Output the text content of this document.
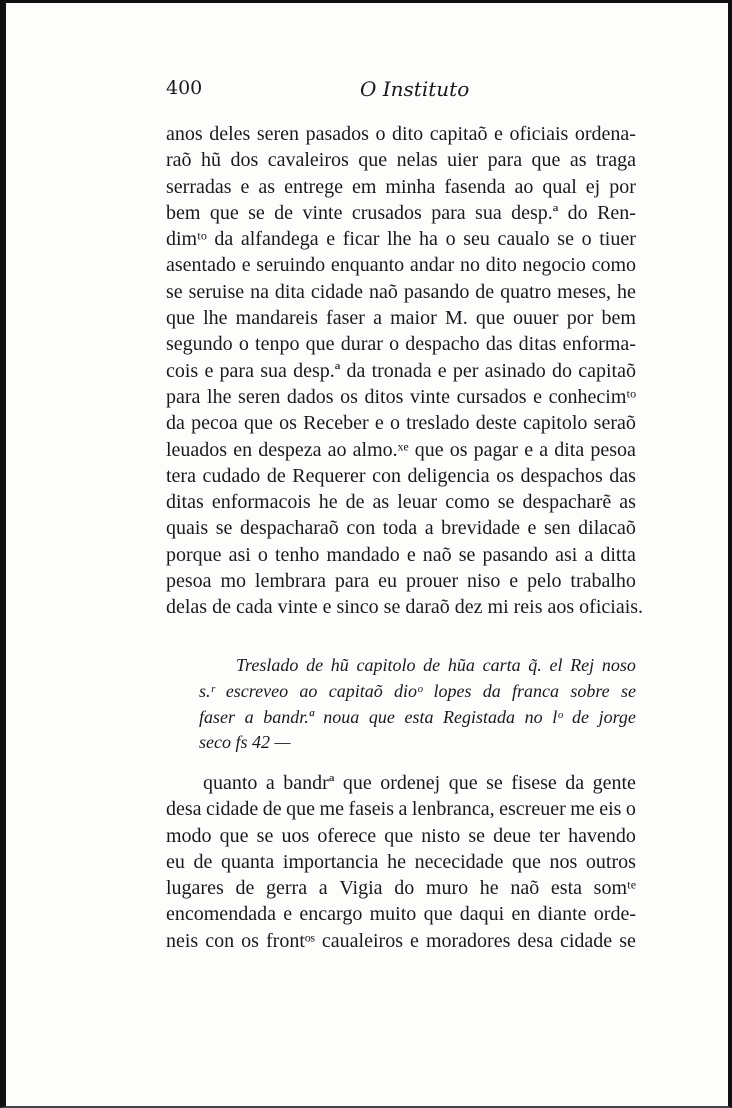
400	O Instituto
anos deles seren pasados o dito capitaõ e oficiais ordena-
raõ hũ dos cavaleiros que nelas uier para que as traga
serradas e as entrege em minha fasenda ao qual ej por
bem que se de vinte crusados para sua desp.ª do Ren-
dimᵗᵒ da alfandega e ficar lhe ha o seu caualo se o tiuer
asentado e seruindo enquanto andar no dito negocio como
se seruise na dita cidade naõ pasando de quatro meses, he
que lhe mandareis faser a maior M. que ouuer por bem
segundo o tenpo que durar o despacho das ditas enforma-
cois e para sua desp.ª da tronada e per asinado do capitaõ
para lhe seren dados os ditos vinte cursados e conhecimᵗᵒ
da pecoa que os Receber e o treslado deste capitolo seraõ
leuados en despeza ao almo.ˣᵉ que os pagar e a dita pesoa
tera cudado de Requerer con deligencia os despachos das
ditas enformacois he de as leuar como se despacharẽ as
quais se despacharaõ con toda a brevidade e sen dilacaõ
porque asi o tenho mandado e naõ se pasando asi a ditta
pesoa mo lembrara para eu prouer niso e pelo trabalho
delas de cada vinte e sinco se daraõ dez mi reis aos oficiais.
Treslado de hũ capitolo de hũa carta q̃. el Rej noso
s.ʳ escreveo ao capitaõ dioᵒ lopes da franca sobre se
faser a bandr.ª noua que esta Registada no lᵒ de jorge
seco fs 42 —
quanto a bandrª que ordenej que se fisese da gente
desa cidade de que me faseis a lenbranca, escreuer me eis o
modo que se uos oferece que nisto se deue ter havendo
eu de quanta importancia he nececidade que nos outros
lugares de gerra a Vigia do muro he naõ esta somᵗᵉ
encomendada e encargo muito que daqui en diante orde-
neis con os frontᵒˢ caualeiros e moradores desa cidade se
